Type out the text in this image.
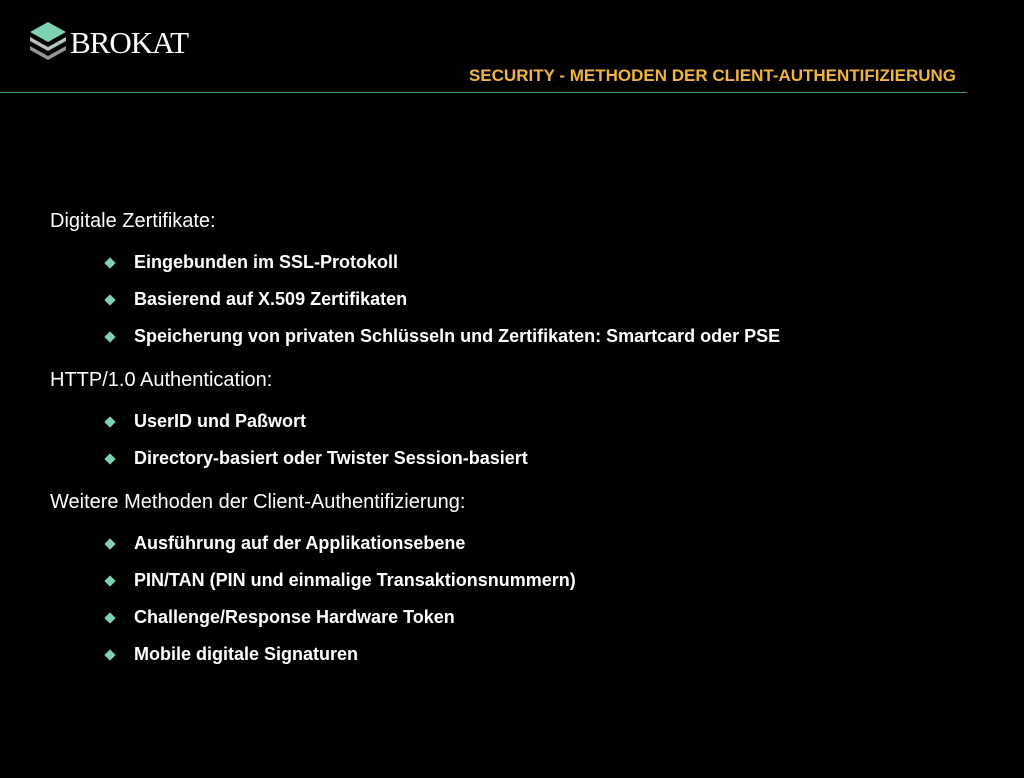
BROKAT
SECURITY - METHODEN DER CLIENT-AUTHENTIFIZIERUNG
Digitale Zertifikate:
Eingebunden im SSL-Protokoll
Basierend auf X.509 Zertifikaten
Speicherung von privaten Schlüsseln und Zertifikaten: Smartcard oder PSE
HTTP/1.0 Authentication:
UserID und Paßwort
Directory-basiert oder Twister Session-basiert
Weitere Methoden der Client-Authentifizierung:
Ausführung auf der Applikationsebene
PIN/TAN (PIN und einmalige Transaktionsnummern)
Challenge/Response Hardware Token
Mobile digitale Signaturen
